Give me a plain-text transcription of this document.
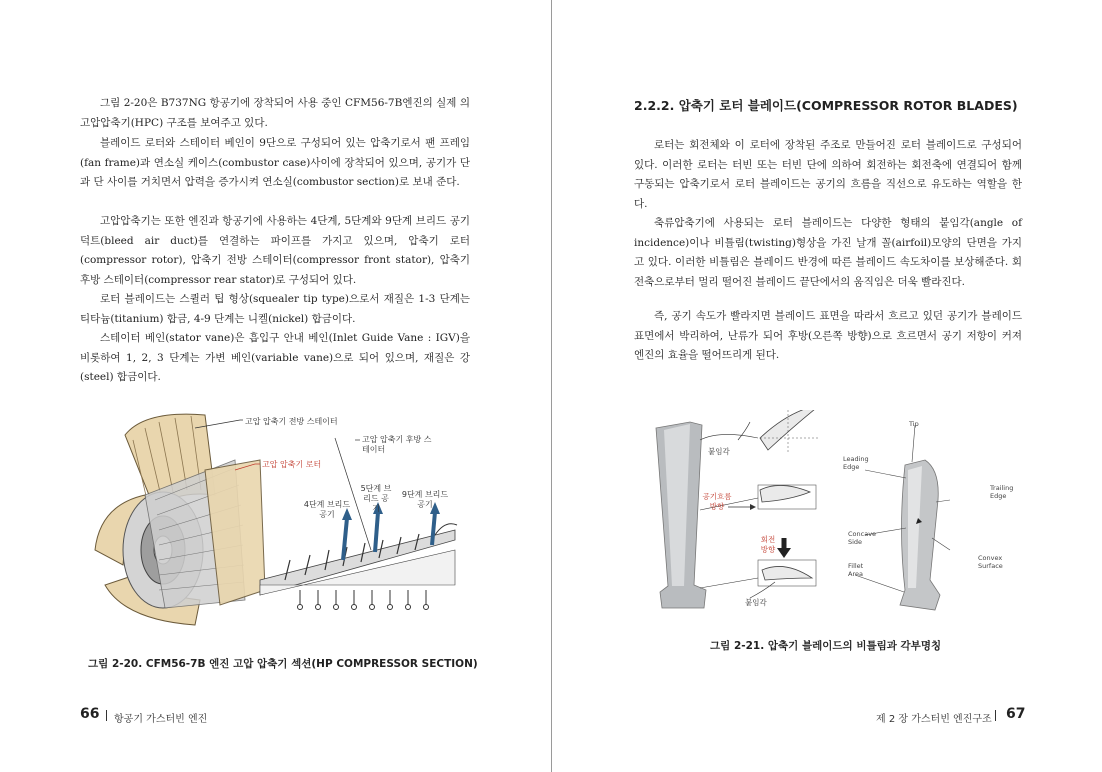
그림 2-20은 B737NG 항공기에 장착되어 사용 중인 CFM56-7B엔진의 실제 의 고압압축기(HPC) 구조를 보여주고 있다.

블레이드 로터와 스테이터 베인이 9단으로 구성되어 있는 압축기로서 팬 프레임(fan frame)과 연소실 케이스(combustor case)사이에 장착되어 있으며, 공기가 단과 단 사이를 거치면서 압력을 증가시켜 연소실(combustor section)로 보내 준다.

고압압축기는 또한 엔진과 항공기에 사용하는 4단계, 5단계와 9단계 브리드 공기 덕트(bleed air duct)를 연결하는 파이프를 가지고 있으며, 압축기 로터(compressor rotor), 압축기 전방 스테이터(compressor front stator), 압축기 후방 스테이터(compressor rear stator)로 구성되어 있다.

로터 블레이드는 스퀼러 팁 형상(squealer tip type)으로서 재질은 1-3 단계는 티타늄(titanium) 합금, 4-9 단계는 니켈(nickel) 합금이다.

스테이터 베인(stator vane)은 흡입구 안내 베인(Inlet Guide Vane : IGV)을 비롯하여 1, 2, 3 단계는 가변 베인(variable vane)으로 되어 있으며, 재질은 강(steel) 합금이다.

고압 압축기 전방 스테이터
고압 압축기 후방 스테이터
고압 압축기 로터
4단계 브리드 공기
5단계 브리드 공기
9단계 브리드 공기
그림 2-20. CFM56-7B 엔진 고압 압축기 섹션(HP COMPRESSOR SECTION)
66 항공기 가스터빈 엔진
2.2.2. 압축기 로터 블레이드(COMPRESSOR ROTOR BLADES)

로터는 회전체와 이 로터에 장착된 주조로 만들어진 로터 블레이드로 구성되어 있다. 이러한 로터는 터빈 또는 터빈 단에 의하여 회전하는 회전축에 연결되어 함께 구동되는 압축기로서 로터 블레이드는 공기의 흐름을 직선으로 유도하는 역할을 한다.

축류압축기에 사용되는 로터 블레이드는 다양한 형태의 붙임각(angle of incidence)이나 비틀림(twisting)형상을 가진 날개 꼴(airfoil)모양의 단면을 가지고 있다. 이러한 비틀림은 블레이드 반경에 따른 블레이드 속도차이를 보상해준다. 회전축으로부터 멀리 떨어진 블레이드 끝단에서의 움직임은 더욱 빨라진다.

즉, 공기 속도가 빨라지면 블레이드 표면을 따라서 흐르고 있던 공기가 블레이드 표면에서 박리하여, 난류가 되어 후방(오른쪽 방향)으로 흐르면서 공기 저항이 커져 엔진의 효율을 떨어뜨리게 된다.

붙임각
공기흐름 방향
회전 방향
붙임각
Tip
Leading Edge
Trailing Edge
Concave Side
Convex Surface
Fillet Area
그림 2-21. 압축기 블레이드의 비틀림과 각부명칭
제 2 장 가스터빈 엔진구조 67
